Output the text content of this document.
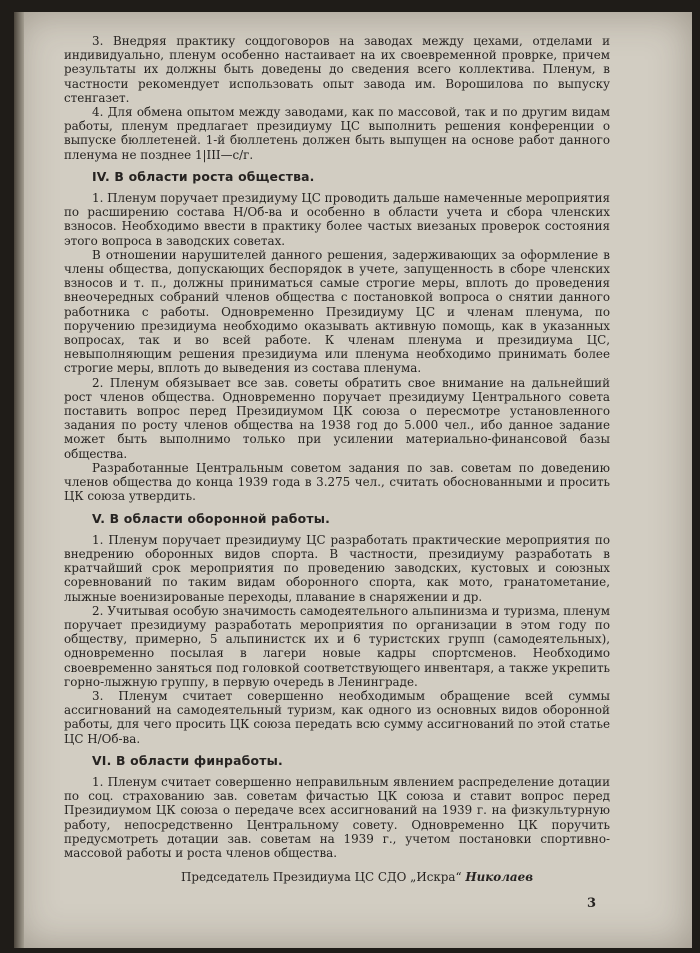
3. Внедряя практику соцдоговоров на заводах между цехами, отделами и индивидуально, пленум особенно настаивает на их своевременной проврке, причем результаты их должны быть доведены до сведения всего коллектива. Пленум, в частности рекомендует использовать опыт завода им. Ворошилова по выпуску стенгазет.

4. Для обмена опытом между заводами, как по массовой, так и по другим видам работы, пленум предлагает президиуму ЦС выполнить решения конференции о выпуске бюллетеней. 1-й бюллетень должен быть выпущен на основе работ данного пленума не позднее 1|III—с/г.

IV. В области роста общества.

1. Пленум поручает президиуму ЦС проводить дальше намеченные мероприятия по расширению состава Н/Об-ва и особенно в области учета и сбора членских взносов. Необходимо ввести в практику более частых виезаных проверок состояния этого вопроса в заводских советах.

В отношении нарушителей данного решения, задерживающих за оформление в члены общества, допускающих беспорядок в учете, запущенность в сборе членских взносов и т. п., должны приниматься самые строгие меры, вплоть до проведения внеочередных собраний членов общества с постановкой вопроса о снятии данного работника с работы. Одновременно Президиуму ЦС и членам пленума, по поручению президиума необходимо оказывать активную помощь, как в указанных вопросах, так и во всей работе. К членам пленума и президиума ЦС, невыполняющим решения президиума или пленума необходимо принимать более строгие меры, вплоть до выведения из состава пленума.

2. Пленум обязывает все зав. советы обратить свое внимание на дальнейший рост членов общества. Одновременно поручает президиуму Центрального совета поставить вопрос перед Президиумом ЦК союза о пересмотре установленного задания по росту членов общества на 1938 год до 5.000 чел., ибо данное задание может быть выполнимо только при усилении материально-финансовой базы общества.

Разработанные Центральным советом задания по зав. советам по доведению членов общества до конца 1939 года в 3.275 чел., считать обоснованными и просить ЦК союза утвердить.

V. В области оборонной работы.

1. Пленум поручает президиуму ЦС разработать практические мероприятия по внедрению оборонных видов спорта. В частности, президиуму разработать в кратчайший срок мероприятия по проведению заводских, кустовых и союзных соревнований по таким видам оборонного спорта, как мото, гранатометание, лыжные военизированые переходы, плавание в снаряжении и др.

2. Учитывая особую значимость самодеятельного альпинизма и туризма, пленум поручает президиуму разработать мероприятия по организации в этом году по обществу, примерно, 5 альпинистск их и 6 туристских групп (самодеятельных), одновременно посылая в лагери новые кадры спортсменов. Необходимо своевременно заняться под головкой соответствующего инвентаря, а также укрепить горно-лыжную группу, в первую очередь в Ленинграде.

3. Пленум считает совершенно необходимым обращение всей суммы ассигнований на самодеятельный туризм, как одного из основных видов оборонной работы, для чего просить ЦК союза передать всю сумму ассигнований по этой статье ЦС Н/Об-ва.

VI. В области финработы.

1. Пленум считает совершенно неправильным явлением распределение дотации по соц. страхованию зав. советам фичастью ЦК союза и ставит вопрос перед Президиумом ЦК союза о передаче всех ассигнований на 1939 г. на физкультурную работу, непосредственно Центральному совету. Одновременно ЦК поручить предусмотреть дотации зав. советам на 1939 г., учетом постановки спортивно-массовой работы и роста членов общества.

Председатель Президиума ЦС СДО „Искра“ Николаев
3
